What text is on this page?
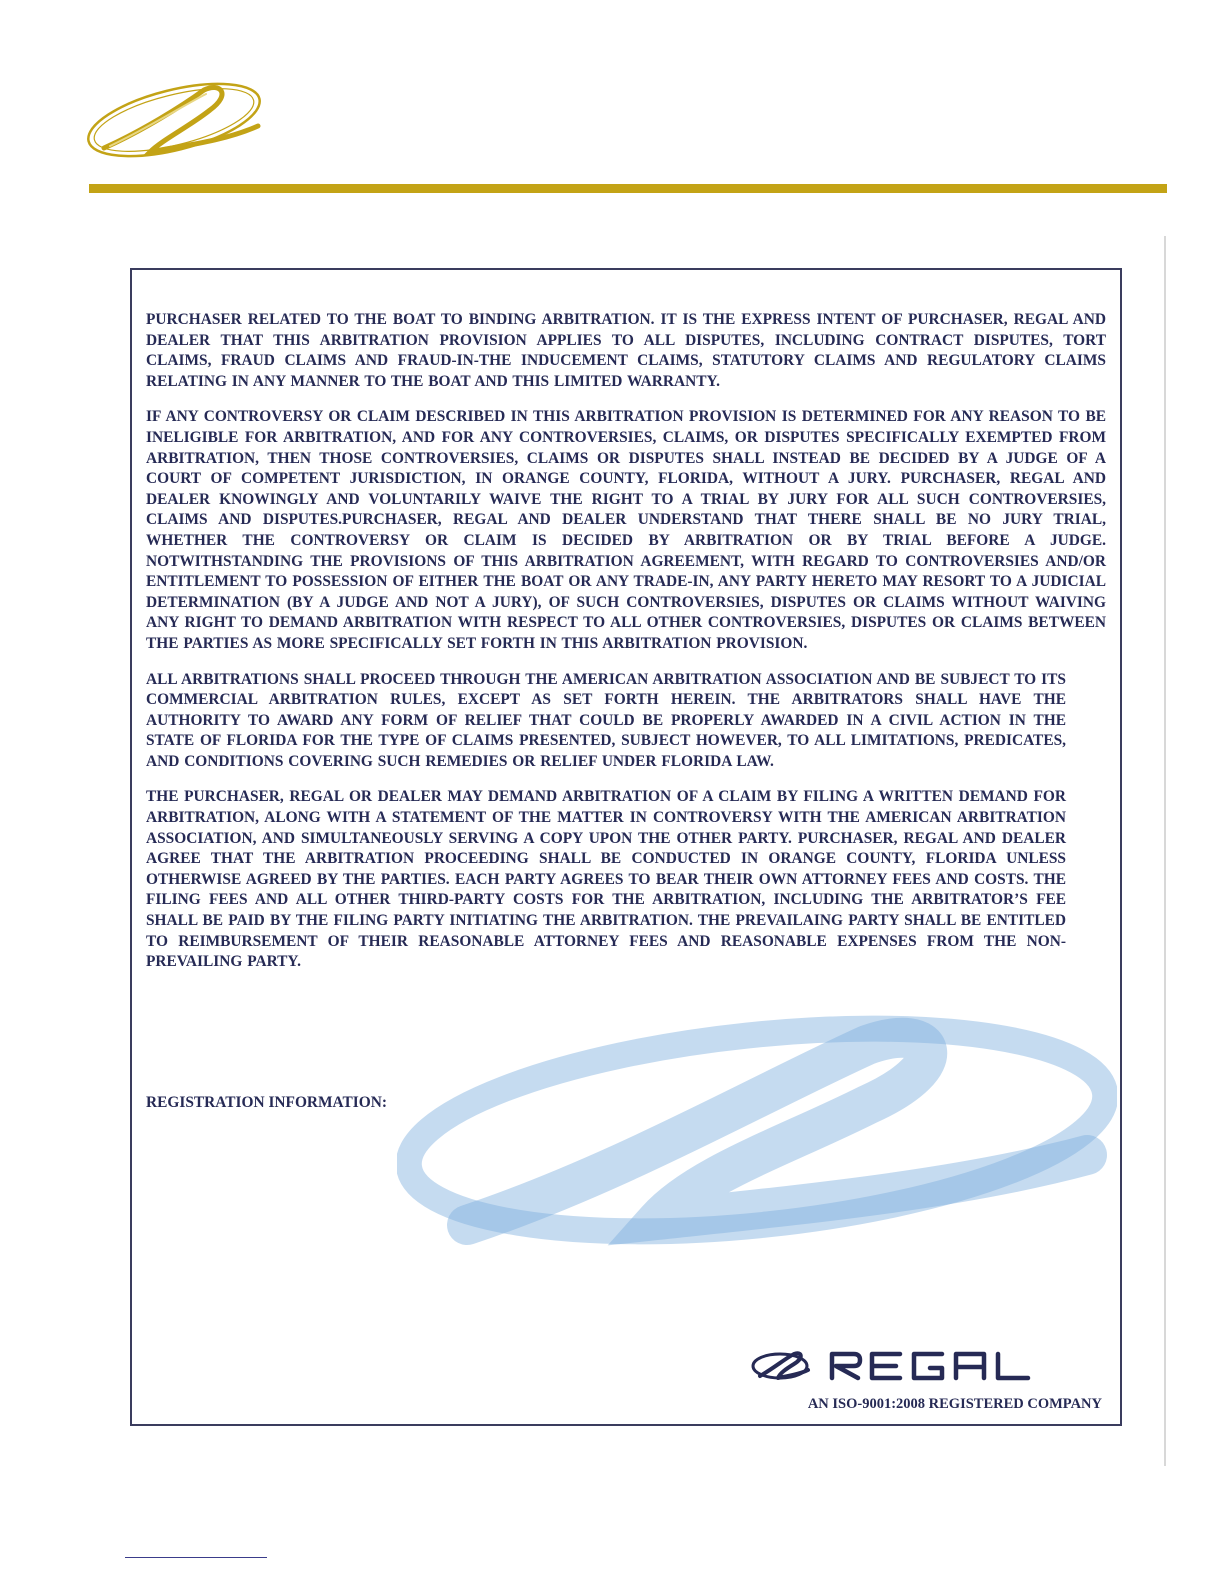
PURCHASER RELATED TO THE BOAT TO BINDING ARBITRATION. IT IS THE EXPRESS INTENT OF PURCHASER, REGAL AND DEALER THAT THIS ARBITRATION PROVISION APPLIES TO ALL DISPUTES, INCLUDING CONTRACT DISPUTES, TORT CLAIMS, FRAUD CLAIMS AND FRAUD-IN-THE INDUCEMENT CLAIMS, STATUTORY CLAIMS AND REGULATORY CLAIMS RELATING IN ANY MANNER TO THE BOAT AND THIS LIMITED WARRANTY.

IF ANY CONTROVERSY OR CLAIM DESCRIBED IN THIS ARBITRATION PROVISION IS DETERMINED FOR ANY REASON TO BE INELIGIBLE FOR ARBITRATION, AND FOR ANY CONTROVERSIES, CLAIMS, OR DISPUTES SPECIFICALLY EXEMPTED FROM ARBITRATION, THEN THOSE CONTROVERSIES, CLAIMS OR DISPUTES SHALL INSTEAD BE DECIDED BY A JUDGE OF A COURT OF COMPETENT JURISDICTION, IN ORANGE COUNTY, FLORIDA, WITHOUT A JURY. PURCHASER, REGAL AND DEALER KNOWINGLY AND VOLUNTARILY WAIVE THE RIGHT TO A TRIAL BY JURY FOR ALL SUCH CONTROVERSIES, CLAIMS AND DISPUTES.PURCHASER, REGAL AND DEALER UNDERSTAND THAT THERE SHALL BE NO JURY TRIAL, WHETHER THE CONTROVERSY OR CLAIM IS DECIDED BY ARBITRATION OR BY TRIAL BEFORE A JUDGE. NOTWITHSTANDING THE PROVISIONS OF THIS ARBITRATION AGREEMENT, WITH REGARD TO CONTROVERSIES AND/OR ENTITLEMENT TO POSSESSION OF EITHER THE BOAT OR ANY TRADE-IN, ANY PARTY HERETO MAY RESORT TO A JUDICIAL DETERMINATION (BY A JUDGE AND NOT A JURY), OF SUCH CONTROVERSIES, DISPUTES OR CLAIMS WITHOUT WAIVING ANY RIGHT TO DEMAND ARBITRATION WITH RESPECT TO ALL OTHER CONTROVERSIES, DISPUTES OR CLAIMS BETWEEN THE PARTIES AS MORE SPECIFICALLY SET FORTH IN THIS ARBITRATION PROVISION.

ALL ARBITRATIONS SHALL PROCEED THROUGH THE AMERICAN ARBITRATION ASSOCIATION AND BE SUBJECT TO ITS COMMERCIAL ARBITRATION RULES, EXCEPT AS SET FORTH HEREIN. THE ARBITRATORS SHALL HAVE THE AUTHORITY TO AWARD ANY FORM OF RELIEF THAT COULD BE PROPERLY AWARDED IN A CIVIL ACTION IN THE STATE OF FLORIDA FOR THE TYPE OF CLAIMS PRESENTED, SUBJECT HOWEVER, TO ALL LIMITATIONS, PREDICATES, AND CONDITIONS COVERING SUCH REMEDIES OR RELIEF UNDER FLORIDA LAW.

THE PURCHASER, REGAL OR DEALER MAY DEMAND ARBITRATION OF A CLAIM BY FILING A WRITTEN DEMAND FOR ARBITRATION, ALONG WITH A STATEMENT OF THE MATTER IN CONTROVERSY WITH THE AMERICAN ARBITRATION ASSOCIATION, AND SIMULTANEOUSLY SERVING A COPY UPON THE OTHER PARTY. PURCHASER, REGAL AND DEALER AGREE THAT THE ARBITRATION PROCEEDING SHALL BE CONDUCTED IN ORANGE COUNTY, FLORIDA UNLESS OTHERWISE AGREED BY THE PARTIES. EACH PARTY AGREES TO BEAR THEIR OWN ATTORNEY FEES AND COSTS. THE FILING FEES AND ALL OTHER THIRD-PARTY COSTS FOR THE ARBITRATION, INCLUDING THE ARBITRATOR’S FEE SHALL BE PAID BY THE FILING PARTY INITIATING THE ARBITRATION. THE PREVAILAING PARTY SHALL BE ENTITLED TO REIMBURSEMENT OF THEIR REASONABLE ATTORNEY FEES AND REASONABLE EXPENSES FROM THE NON-PREVAILING PARTY.

REGISTRATION INFORMATION:
REGAL
AN ISO-9001:2008 REGISTERED COMPANY
